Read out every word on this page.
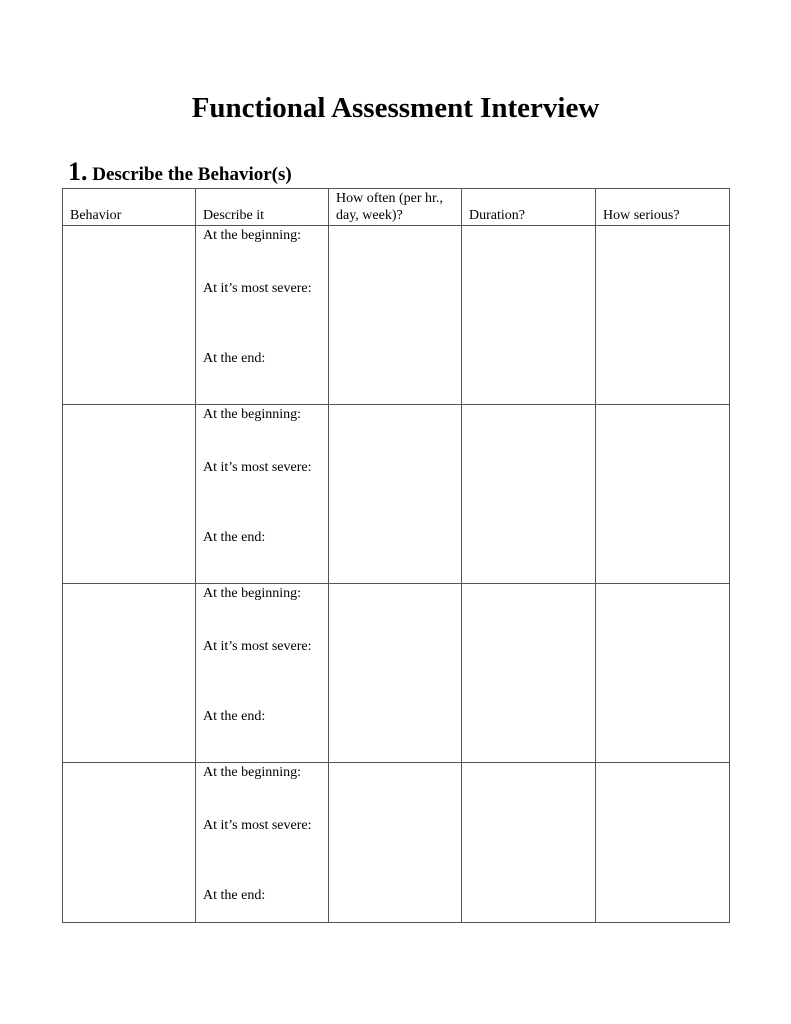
Functional Assessment Interview
1. Describe the Behavior(s)
Behavior	Describe it	How often (per hr., day, week)?	Duration?	How serious?

	At the beginning:
At it’s most severe:
At the end:			

	At the beginning:
At it’s most severe:
At the end:			

	At the beginning:
At it’s most severe:
At the end:			

	At the beginning:
At it’s most severe:
At the end:			
